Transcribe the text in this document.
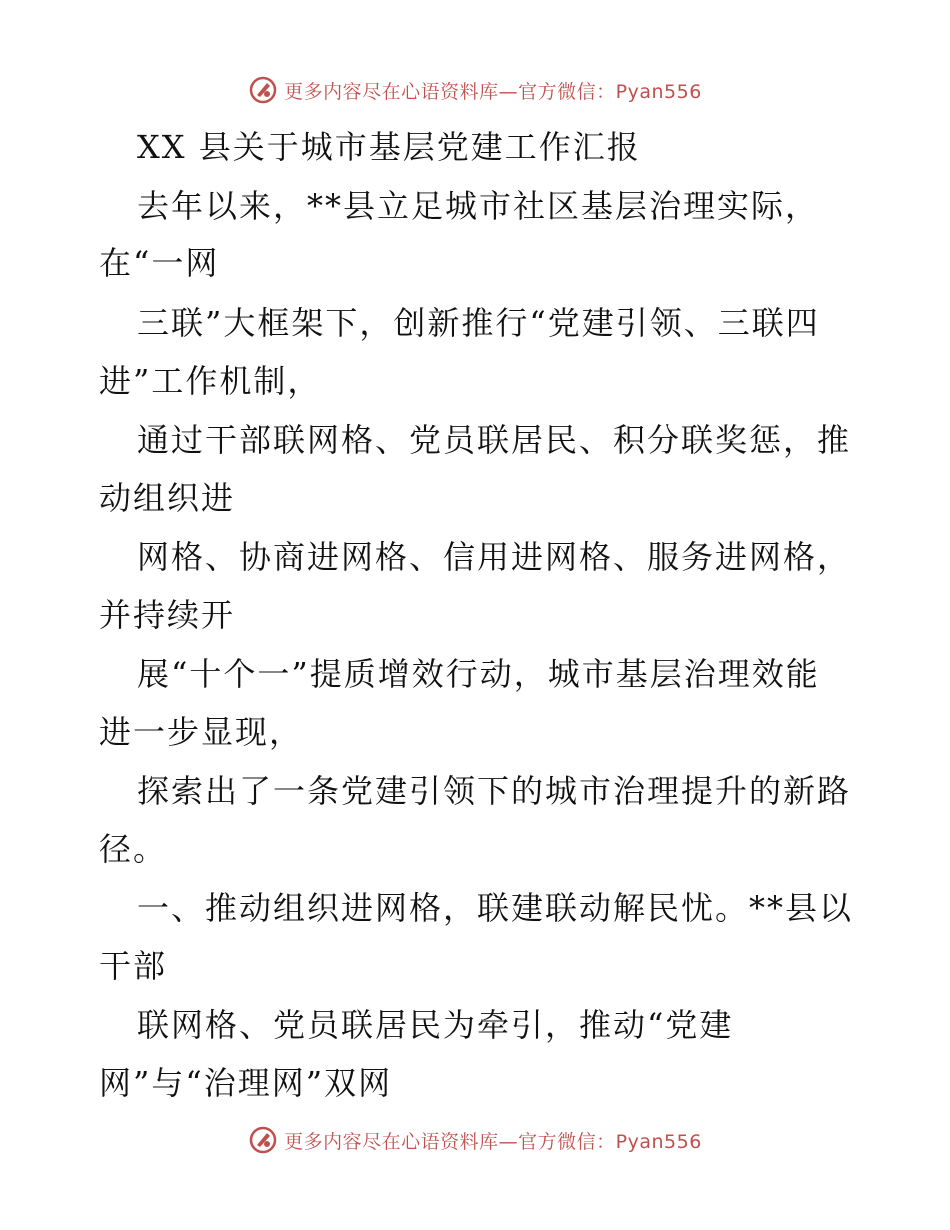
更多内容尽在心语资料库—官方微信：Pyan556
XX 县关于城市基层党建工作汇报
去年以来，**县立足城市社区基层治理实际，
在“一网
三联”大框架下，创新推行“党建引领、三联四
进”工作机制，
通过干部联网格、党员联居民、积分联奖惩，推
动组织进
网格、协商进网格、信用进网格、服务进网格，
并持续开
展“十个一”提质增效行动，城市基层治理效能
进一步显现，
探索出了一条党建引领下的城市治理提升的新路
径。
一、推动组织进网格，联建联动解民忧。**县以
干部
联网格、党员联居民为牵引，推动“党建
网”与“治理网”双网
更多内容尽在心语资料库—官方微信：Pyan556
